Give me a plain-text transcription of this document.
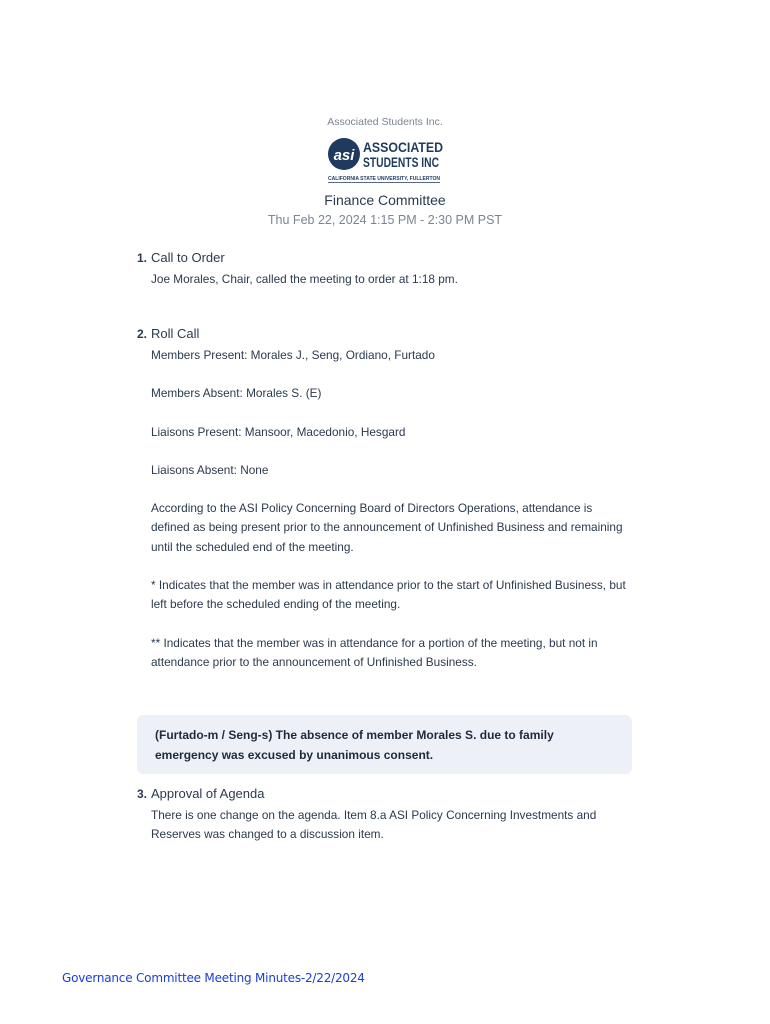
Associated Students Inc.
asi ASSOCIATED
STUDENTS INC
CALIFORNIA STATE UNIVERSITY, FULLERTON
Finance Committee
Thu Feb 22, 2024 1:15 PM - 2:30 PM PST
1. Call to Order

Joe Morales, Chair, called the meeting to order at 1:18 pm.

2. Roll Call

Members Present: Morales J., Seng, Ordiano, Furtado

Members Absent: Morales S. (E)

Liaisons Present: Mansoor, Macedonio, Hesgard

Liaisons Absent: None

According to the ASI Policy Concerning Board of Directors Operations, attendance is defined as being present prior to the announcement of Unfinished Business and remaining until the scheduled end of the meeting.

* Indicates that the member was in attendance prior to the start of Unfinished Business, but left before the scheduled ending of the meeting.

** Indicates that the member was in attendance for a portion of the meeting, but not in attendance prior to the announcement of Unfinished Business.

(Furtado-m / Seng-s) The absence of member Morales S. due to family emergency was excused by unanimous consent.
3. Approval of Agenda

There is one change on the agenda. Item 8.a ASI Policy Concerning Investments and Reserves was changed to a discussion item.

Governance Committee Meeting Minutes-2/22/2024
